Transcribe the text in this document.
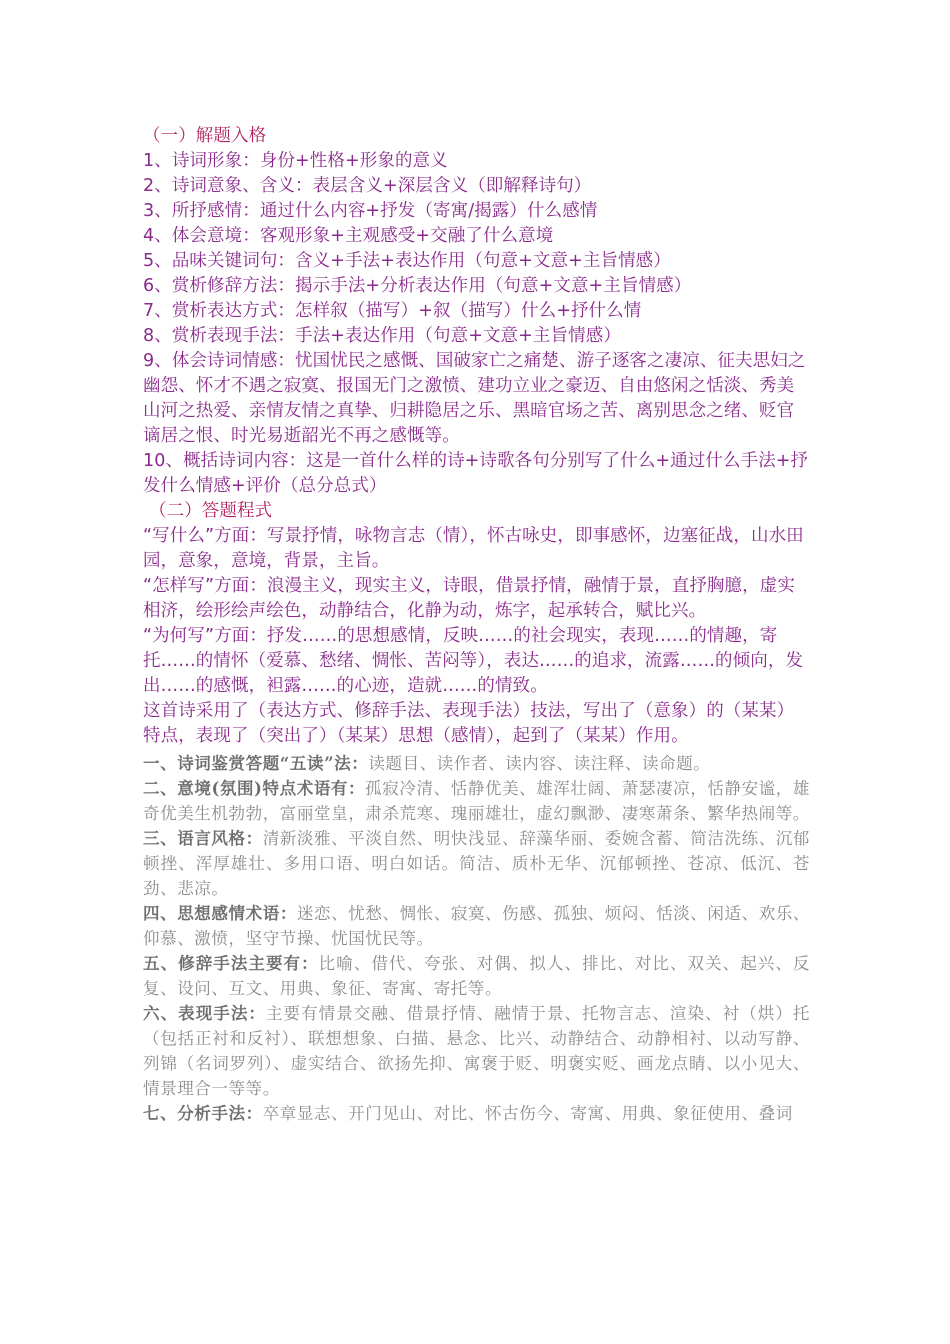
（一）解题入格

1、诗词形象：身份+性格+形象的意义

2、诗词意象、含义：表层含义+深层含义（即解释诗句）

3、所抒感情：通过什么内容+抒发（寄寓/揭露）什么感情

4、体会意境：客观形象+主观感受+交融了什么意境

5、品味关键词句：含义+手法+表达作用（句意+文意+主旨情感）

6、赏析修辞方法：揭示手法+分析表达作用（句意+文意+主旨情感）

7、赏析表达方式：怎样叙（描写）+叙（描写）什么+抒什么情

8、赏析表现手法：手法+表达作用（句意+文意+主旨情感）

9、体会诗词情感：忧国忧民之感慨、国破家亡之痛楚、游子逐客之凄凉、征夫思妇之幽怨、怀才不遇之寂寞、报国无门之激愤、建功立业之豪迈、自由悠闲之恬淡、秀美山河之热爱、亲情友情之真挚、归耕隐居之乐、黑暗官场之苦、离别思念之绪、贬官谪居之恨、时光易逝韶光不再之感慨等。

10、概括诗词内容：这是一首什么样的诗+诗歌各句分别写了什么+通过什么手法+抒发什么情感+评价（总分总式）

（二）答题程式

“写什么”方面：写景抒情，咏物言志（情），怀古咏史，即事感怀，边塞征战，山水田园，意象，意境，背景，主旨。

“怎样写”方面：浪漫主义，现实主义，诗眼，借景抒情，融情于景，直抒胸臆，虚实相济，绘形绘声绘色，动静结合，化静为动，炼字，起承转合，赋比兴。

“为何写”方面：抒发……的思想感情，反映……的社会现实，表现……的情趣，寄托……的情怀（爱慕、愁绪、惆怅、苦闷等），表达……的追求，流露……的倾向，发出……的感慨，袒露……的心迹，造就……的情致。

这首诗采用了（表达方式、修辞手法、表现手法）技法，写出了（意象）的（某某）特点，表现了（突出了）（某某）思想（感情），起到了（某某）作用。

一、诗词鉴赏答题“五读”法：读题目、读作者、读内容、读注释、读命题。

二、意境(氛围)特点术语有：孤寂冷清、恬静优美、雄浑壮阔、萧瑟凄凉，恬静安谧，雄奇优美生机勃勃，富丽堂皇，肃杀荒寒、瑰丽雄壮，虚幻飘渺、凄寒萧条、繁华热闹等。

三、语言风格：清新淡雅、平淡自然、明快浅显、辞藻华丽、委婉含蓄、简洁洗练、沉郁顿挫、浑厚雄壮、多用口语、明白如话。简洁、质朴无华、沉郁顿挫、苍凉、低沉、苍劲、悲凉。

四、思想感情术语：迷恋、忧愁、惆怅、寂寞、伤感、孤独、烦闷、恬淡、闲适、欢乐、仰慕、激愤，坚守节操、忧国忧民等。

五、修辞手法主要有：比喻、借代、夸张、对偶、拟人、排比、对比、双关、起兴、反复、设问、互文、用典、象征、寄寓、寄托等。

六、表现手法：主要有情景交融、借景抒情、融情于景、托物言志、渲染、衬（烘）托（包括正衬和反衬）、联想想象、白描、悬念、比兴、动静结合、动静相衬、以动写静、列锦（名词罗列）、虚实结合、欲扬先抑、寓褒于贬、明褒实贬、画龙点睛、以小见大、情景理合一等等。

七、分析手法：卒章显志、开门见山、对比、怀古伤今、寄寓、用典、象征使用、叠词
